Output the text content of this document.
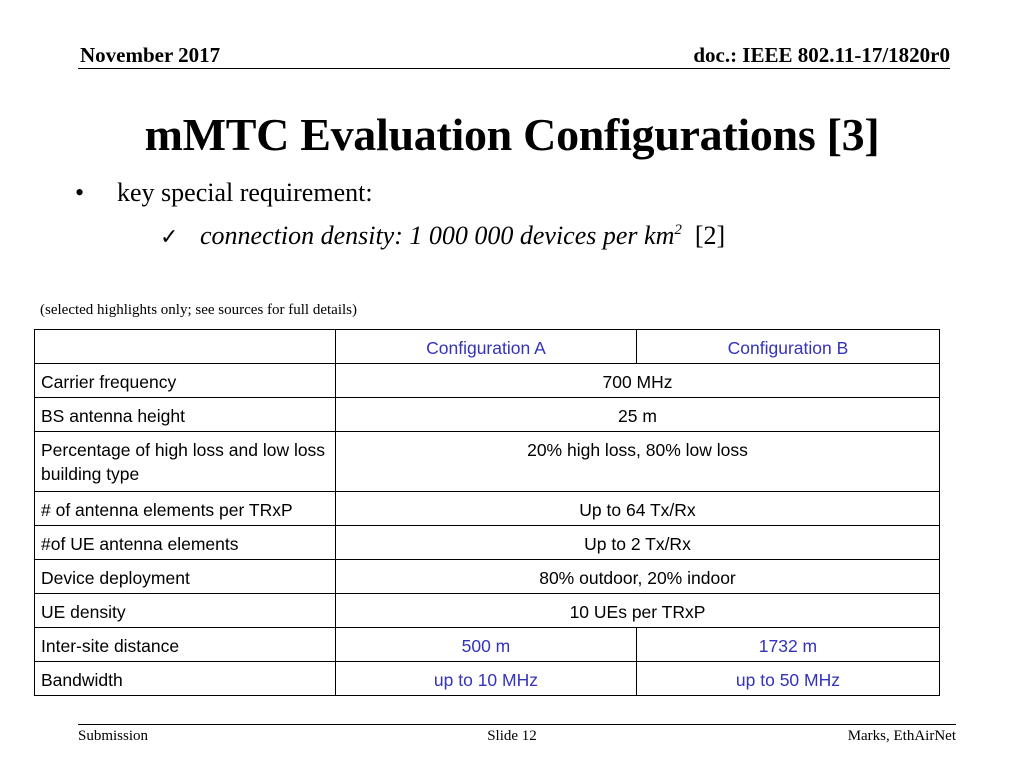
November 2017	doc.: IEEE 802.11-17/1820r0
mMTC Evaluation Configurations [3]
• key special requirement:
✓ connection density: 1 000 000 devices per $km^2$ [2]
(selected highlights only; see sources for full details)
	Configuration A	Configuration B
Carrier frequency	700 MHz	
BS antenna height	25 m	
Percentage of high loss and low loss building type	20% high loss, 80% low loss	
# of antenna elements per TRxP	Up to 64 Tx/Rx	
#of UE antenna elements	Up to 2 Tx/Rx	
Device deployment	80% outdoor, 20% indoor	
UE density	10 UEs per TRxP	
Inter-site distance	500 m	1732 m
Bandwidth	up to 10 MHz	up to 50 MHz
Submission	Slide 12	Marks, EthAirNet
